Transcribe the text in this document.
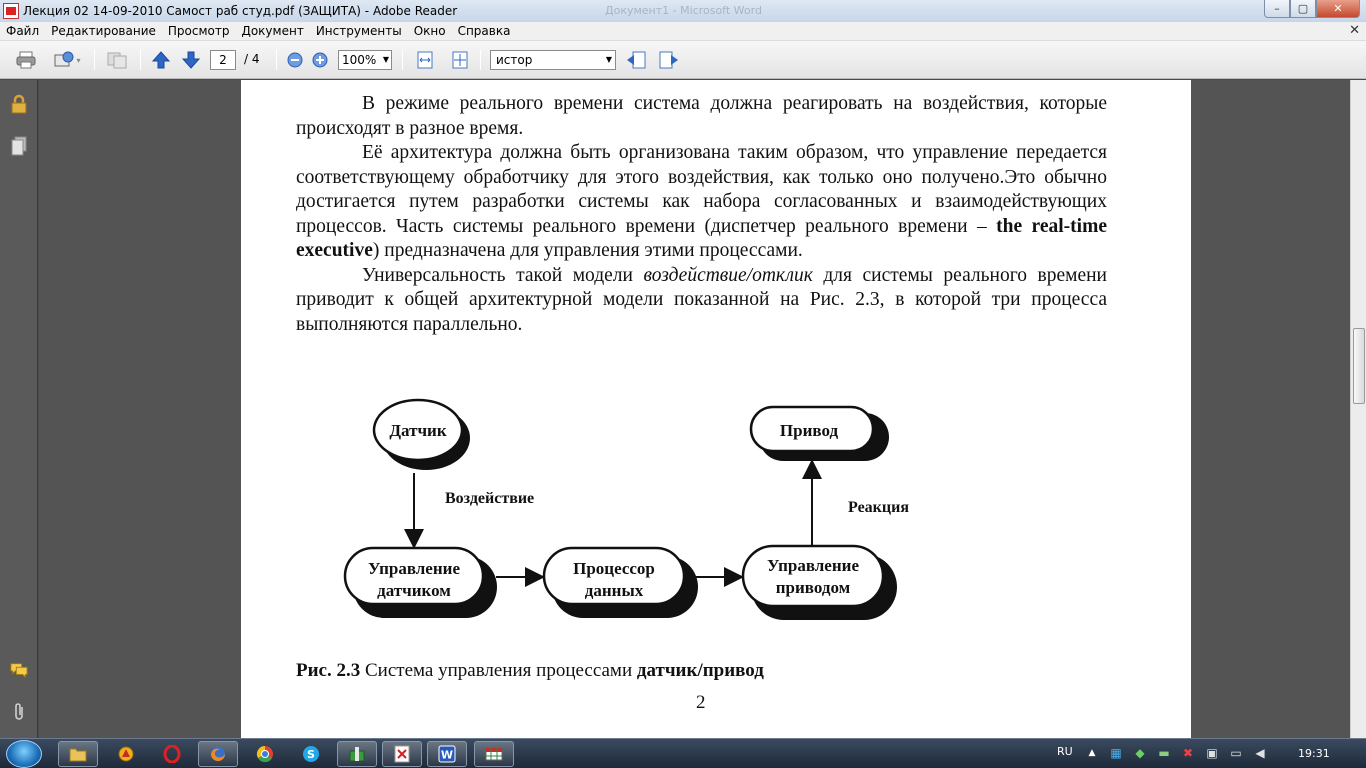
Лекция 02 14-09-2010 Самост раб студ.pdf (ЗАЩИТА) - Adobe Reader	Документ1 - Microsoft Word	–	▢	✕
Файл	Редактирование	Просмотр	Документ	Инструменты	Окно	Справка	✕
▾	2	/ 4	100% ▼	истор	▼

В режиме реального времени система должна реагировать на воздействия, которые происходят в разное время.

Её архитектура должна быть организована таким образом, что управление передается соответствующему обработчику для этого воздействия, как только оно получено.Это обычно достигается путем разработки системы как набора согласованных и взаимодействующих процессов. Часть системы реального времени (диспетчер реального времени – the real-time executive) предназначена для управления этими процессами.

Универсальность такой модели воздействие/отклик для системы реального времени приводит к общей архитектурной модели показанной на Рис. 2.3, в которой три процесса выполняются параллельно.

Датчик	Привод
Управление
датчиком
Процессор
данных
Управление
приводом
Воздействие
Реакция
Рис. 2.3 Система управления процессами датчик/привод
2
S	W	RU	▲ ▦ ◆ ▬ ✖ ▣ ▭ ◀	19:31
